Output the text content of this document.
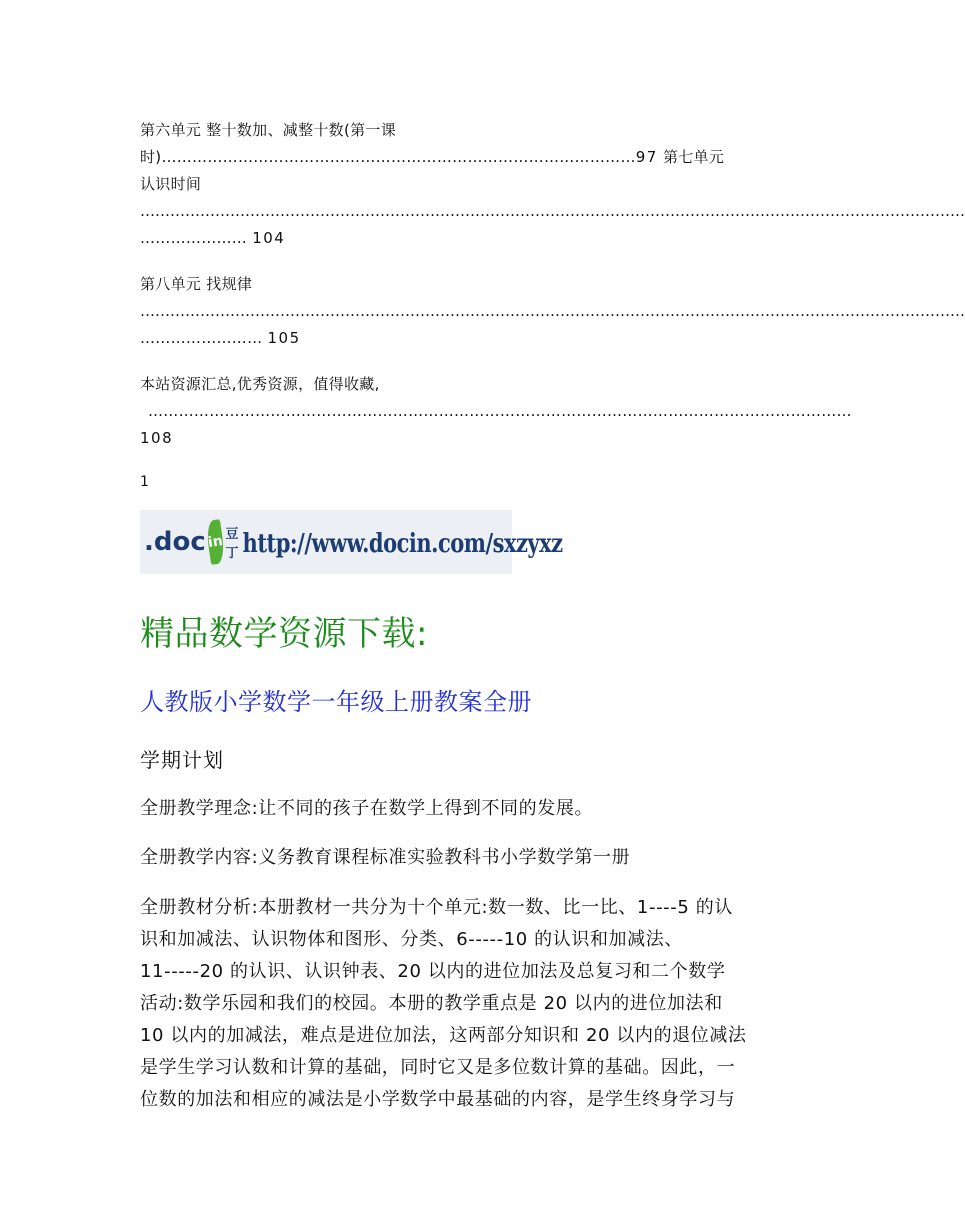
第六单元 整十数加、减整十数(第一课
时)…………………………………………………………………………………97 第七单元
认识时间
…………………………………………………………………………………………………………………………………………………
………………… 104
第八单元 找规律
…………………………………………………………………………………………………………………………………………………
…………………… 105
本站资源汇总,优秀资源，值得收藏,
…………………………………………………………………………………………………………………………
108
1
.doc in 豆丁 http://www.docin.com/sxzyxz
精品数学资源下载:
人教版小学数学一年级上册教案全册
学期计划
全册教学理念:让不同的孩子在数学上得到不同的发展。
全册教学内容:义务教育课程标准实验教科书小学数学第一册
全册教材分析:本册教材一共分为十个单元:数一数、比一比、1----5 的认
识和加减法、认识物体和图形、分类、6-----10 的认识和加减法、
11-----20 的认识、认识钟表、20 以内的进位加法及总复习和二个数学
活动:数学乐园和我们的校园。本册的教学重点是 20 以内的进位加法和
10 以内的加减法，难点是进位加法，这两部分知识和 20 以内的退位减法
是学生学习认数和计算的基础，同时它又是多位数计算的基础。因此，一
位数的加法和相应的减法是小学数学中最基础的内容，是学生终身学习与
